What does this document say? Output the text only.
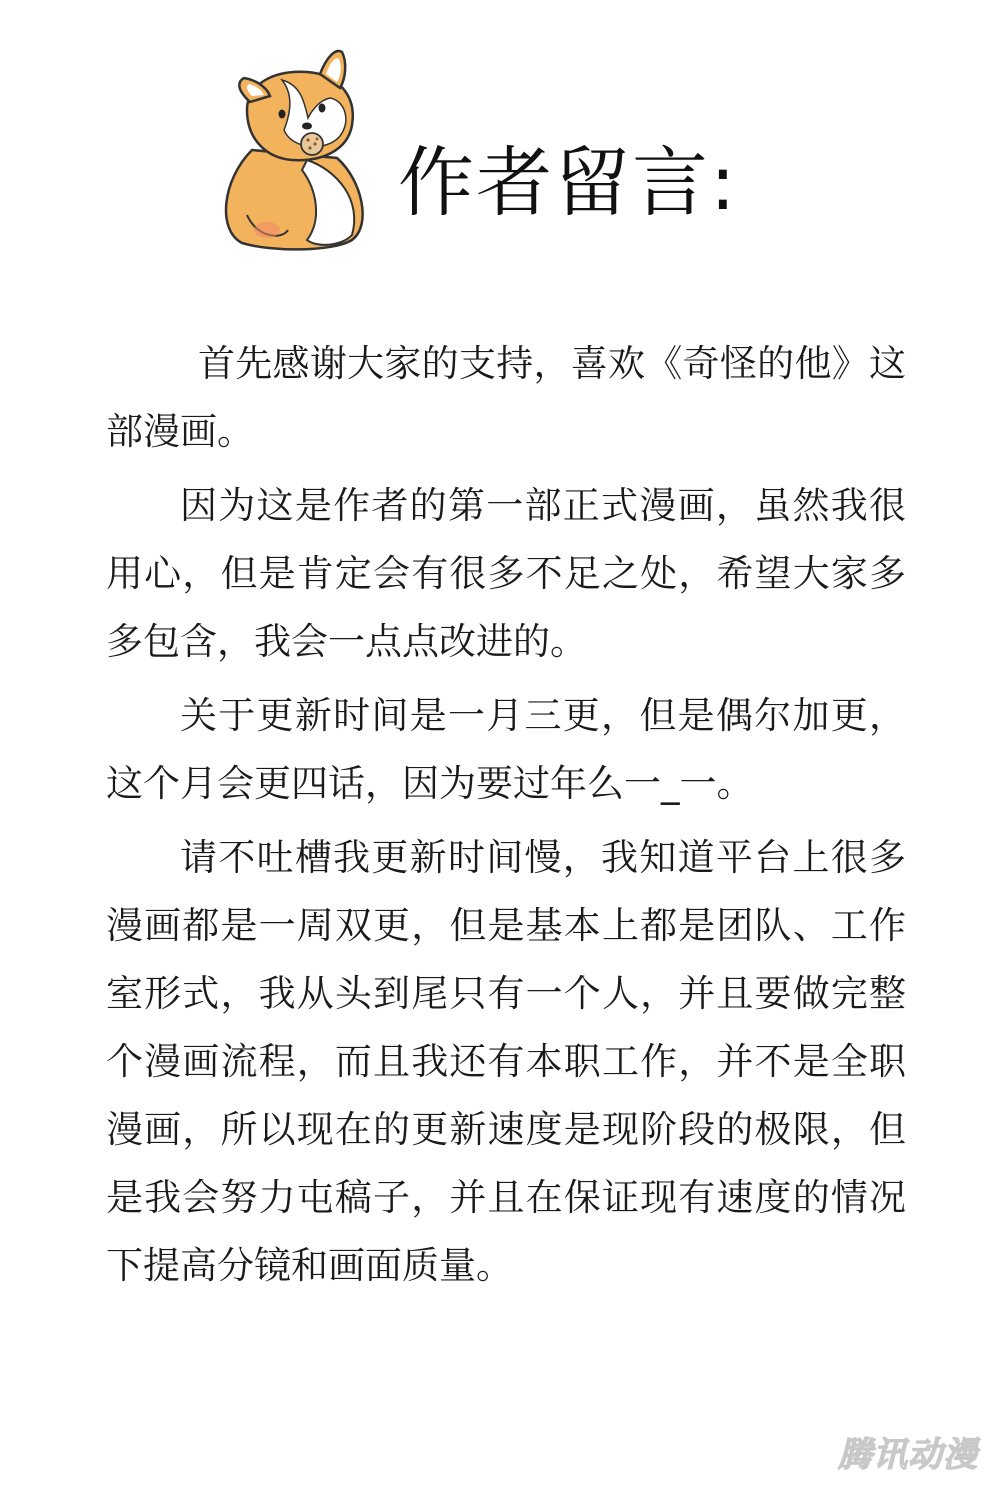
作者留言:

首先感谢大家的支持，喜欢《奇怪的他》这部漫画。

因为这是作者的第一部正式漫画，虽然我很用心，但是肯定会有很多不足之处，希望大家多多包含，我会一点点改进的。

关于更新时间是一月三更，但是偶尔加更，这个月会更四话，因为要过年么一_一。

请不吐槽我更新时间慢，我知道平台上很多漫画都是一周双更，但是基本上都是团队、工作室形式，我从头到尾只有一个人，并且要做完整个漫画流程，而且我还有本职工作，并不是全职漫画，所以现在的更新速度是现阶段的极限，但是我会努力屯稿子，并且在保证现有速度的情况下提高分镜和画面质量。

腾讯动漫
